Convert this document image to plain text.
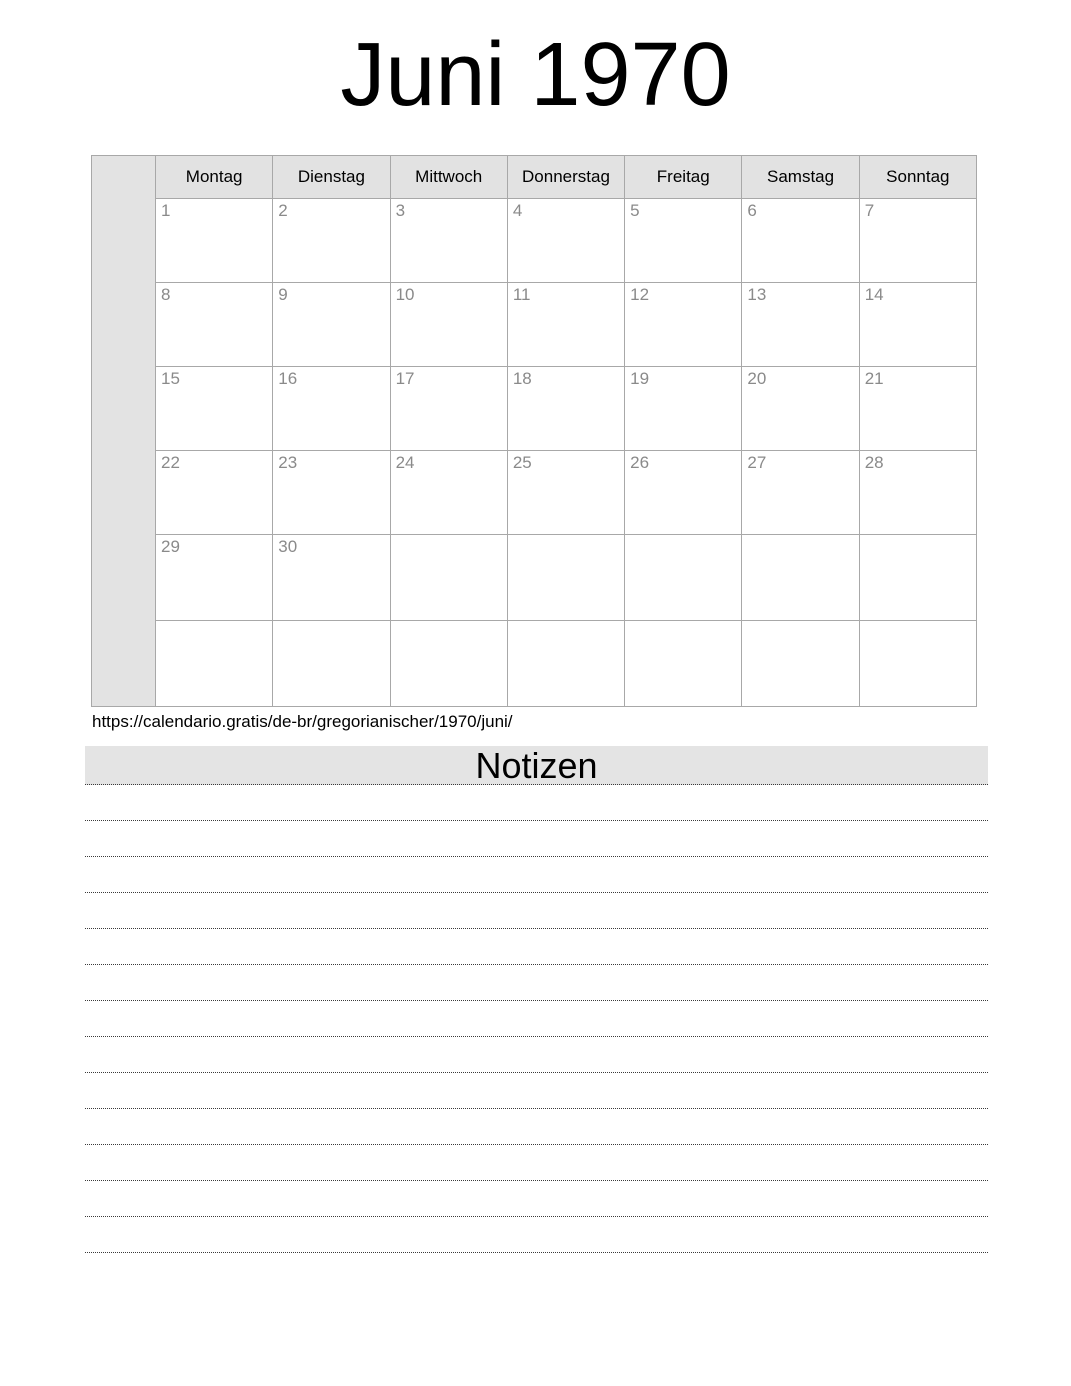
Juni 1970
	Montag	Dienstag	Mittwoch	Donnerstag	Freitag	Samstag	Sonntag
	1	2	3	4	5	6	7
	8	9	10	11	12	13	14
	15	16	17	18	19	20	21
	22	23	24	25	26	27	28
	29	30					

https://calendario.gratis/de-br/gregorianischer/1970/juni/
Notizen
